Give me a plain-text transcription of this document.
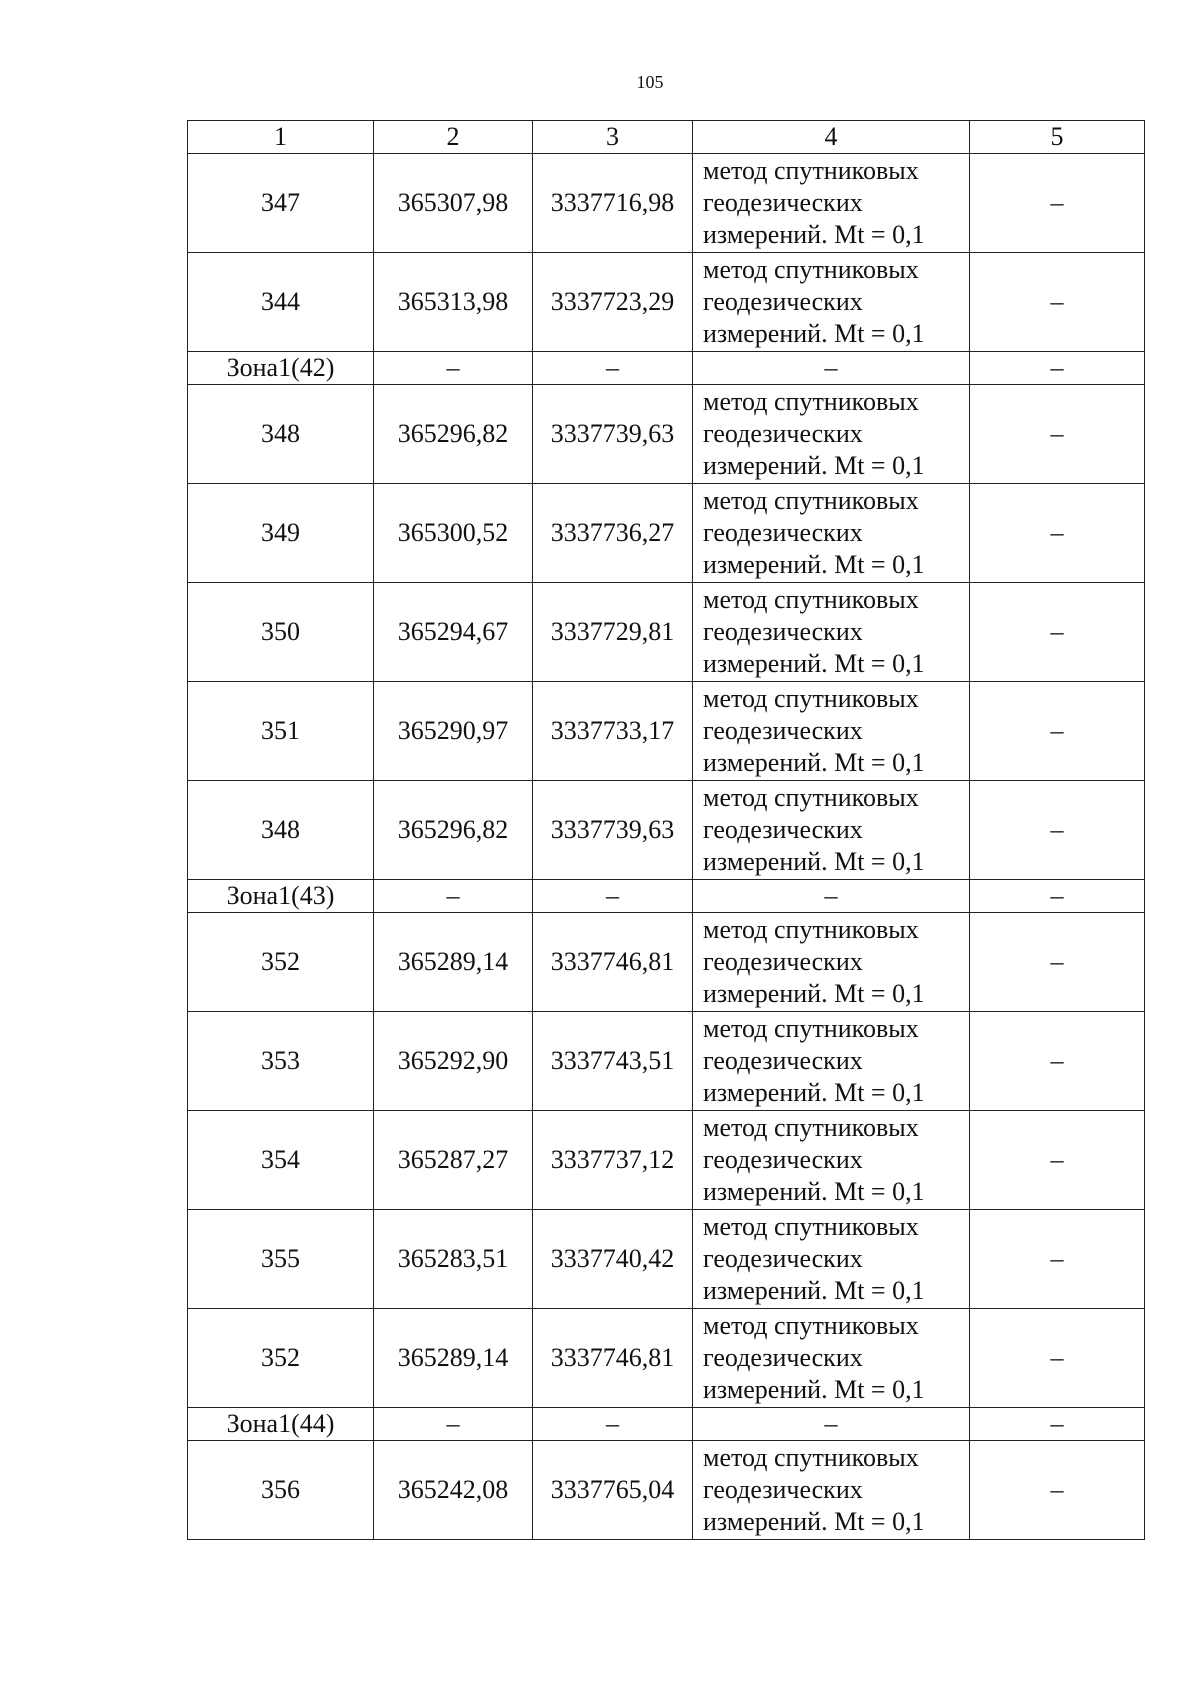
105
1	2	3	4	5
347	365307,98	3337716,98	метод спутниковых
геодезических
измерений. Mt = 0,1	–
344	365313,98	3337723,29	метод спутниковых
геодезических
измерений. Mt = 0,1	–
Зона1(42)	–	–	–	–
348	365296,82	3337739,63	метод спутниковых
геодезических
измерений. Mt = 0,1	–
349	365300,52	3337736,27	метод спутниковых
геодезических
измерений. Mt = 0,1	–
350	365294,67	3337729,81	метод спутниковых
геодезических
измерений. Mt = 0,1	–
351	365290,97	3337733,17	метод спутниковых
геодезических
измерений. Mt = 0,1	–
348	365296,82	3337739,63	метод спутниковых
геодезических
измерений. Mt = 0,1	–
Зона1(43)	–	–	–	–
352	365289,14	3337746,81	метод спутниковых
геодезических
измерений. Mt = 0,1	–
353	365292,90	3337743,51	метод спутниковых
геодезических
измерений. Mt = 0,1	–
354	365287,27	3337737,12	метод спутниковых
геодезических
измерений. Mt = 0,1	–
355	365283,51	3337740,42	метод спутниковых
геодезических
измерений. Mt = 0,1	–
352	365289,14	3337746,81	метод спутниковых
геодезических
измерений. Mt = 0,1	–
Зона1(44)	–	–	–	–
356	365242,08	3337765,04	метод спутниковых
геодезических
измерений. Mt = 0,1	–
